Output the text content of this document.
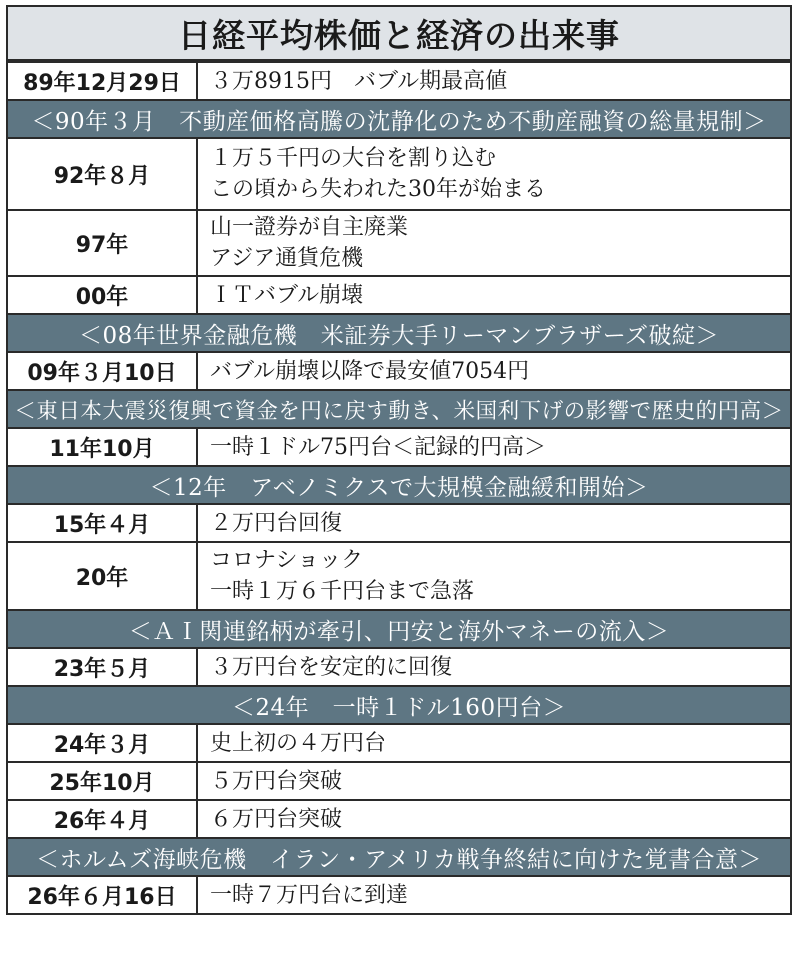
日経平均株価と経済の出来事
89年12月29日	３万8915円　バブル期最高値

＜90年３月　不動産価格高騰の沈静化のため不動産融資の総量規制＞	
92年８月	１万５千円の大台を割り込む
この頃から失われた30年が始まる

97年	山一證券が自主廃業
アジア通貨危機

00年	ＩＴバブル崩壊

＜08年世界金融危機　米証券大手リーマンブラザーズ破綻＞	
09年３月10日	バブル崩壊以降で最安値7054円

＜東日本大震災復興で資金を円に戻す動き、米国利下げの影響で歴史的円高＞	
11年10月	一時１ドル75円台＜記録的円高＞

＜12年　アベノミクスで大規模金融緩和開始＞	
15年４月	２万円台回復

20年	コロナショック
一時１万６千円台まで急落

＜ＡＩ関連銘柄が牽引、円安と海外マネーの流入＞	
23年５月	３万円台を安定的に回復

＜24年　一時１ドル160円台＞	
24年３月	史上初の４万円台

25年10月	５万円台突破

26年４月	６万円台突破

＜ホルムズ海峡危機　イラン・アメリカ戦争終結に向けた覚書合意＞	
26年６月16日	一時７万円台に到達
